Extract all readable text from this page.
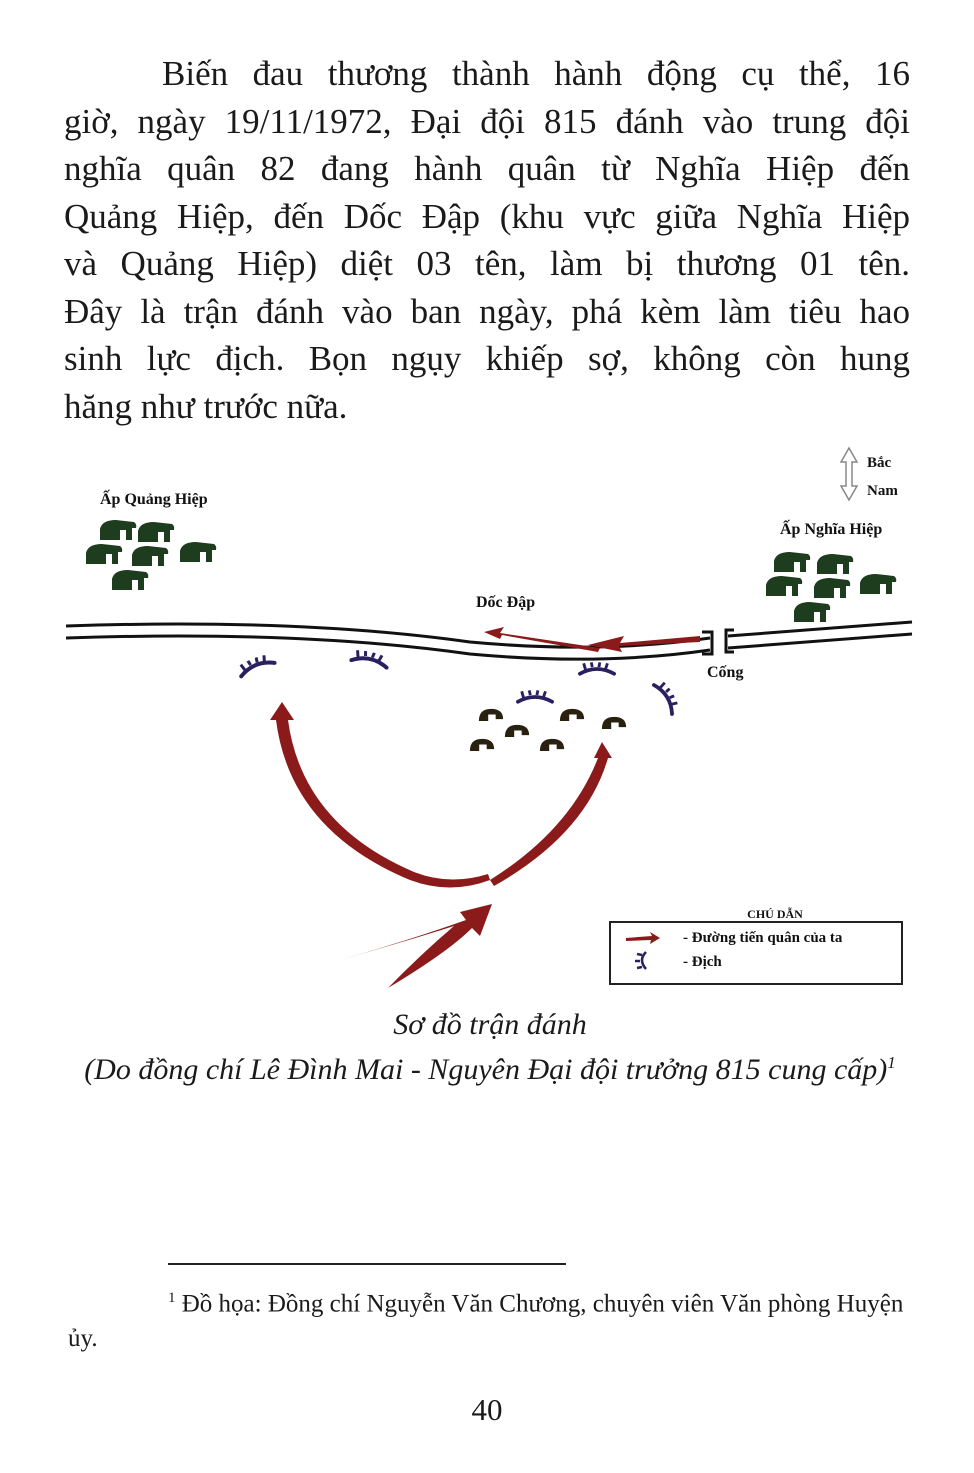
Biến đau thương thành hành động cụ thể, 16
giờ, ngày 19/11/1972, Đại đội 815 đánh vào trung đội
nghĩa quân 82 đang hành quân từ Nghĩa Hiệp đến
Quảng Hiệp, đến Dốc Đập (khu vực giữa Nghĩa Hiệp
và Quảng Hiệp) diệt 03 tên, làm bị thương 01 tên.
Đây là trận đánh vào ban ngày, phá kèm làm tiêu hao
sinh lực địch. Bọn ngụy khiếp sợ, không còn hung
hăng như trước nữa.
Bắc
Nam
Ấp Quảng Hiệp
Ấp Nghĩa Hiệp
Dốc Đập
Cống
CHÚ DẪN
- Đường tiến quân của ta
- Địch
Sơ đồ trận đánh
(Do đồng chí Lê Đình Mai - Nguyên Đại đội trưởng 815 cung cấp)$^1$
$^1$ Đồ họa: Đồng chí Nguyễn Văn Chương, chuyên viên Văn phòng Huyện ủy.
40
